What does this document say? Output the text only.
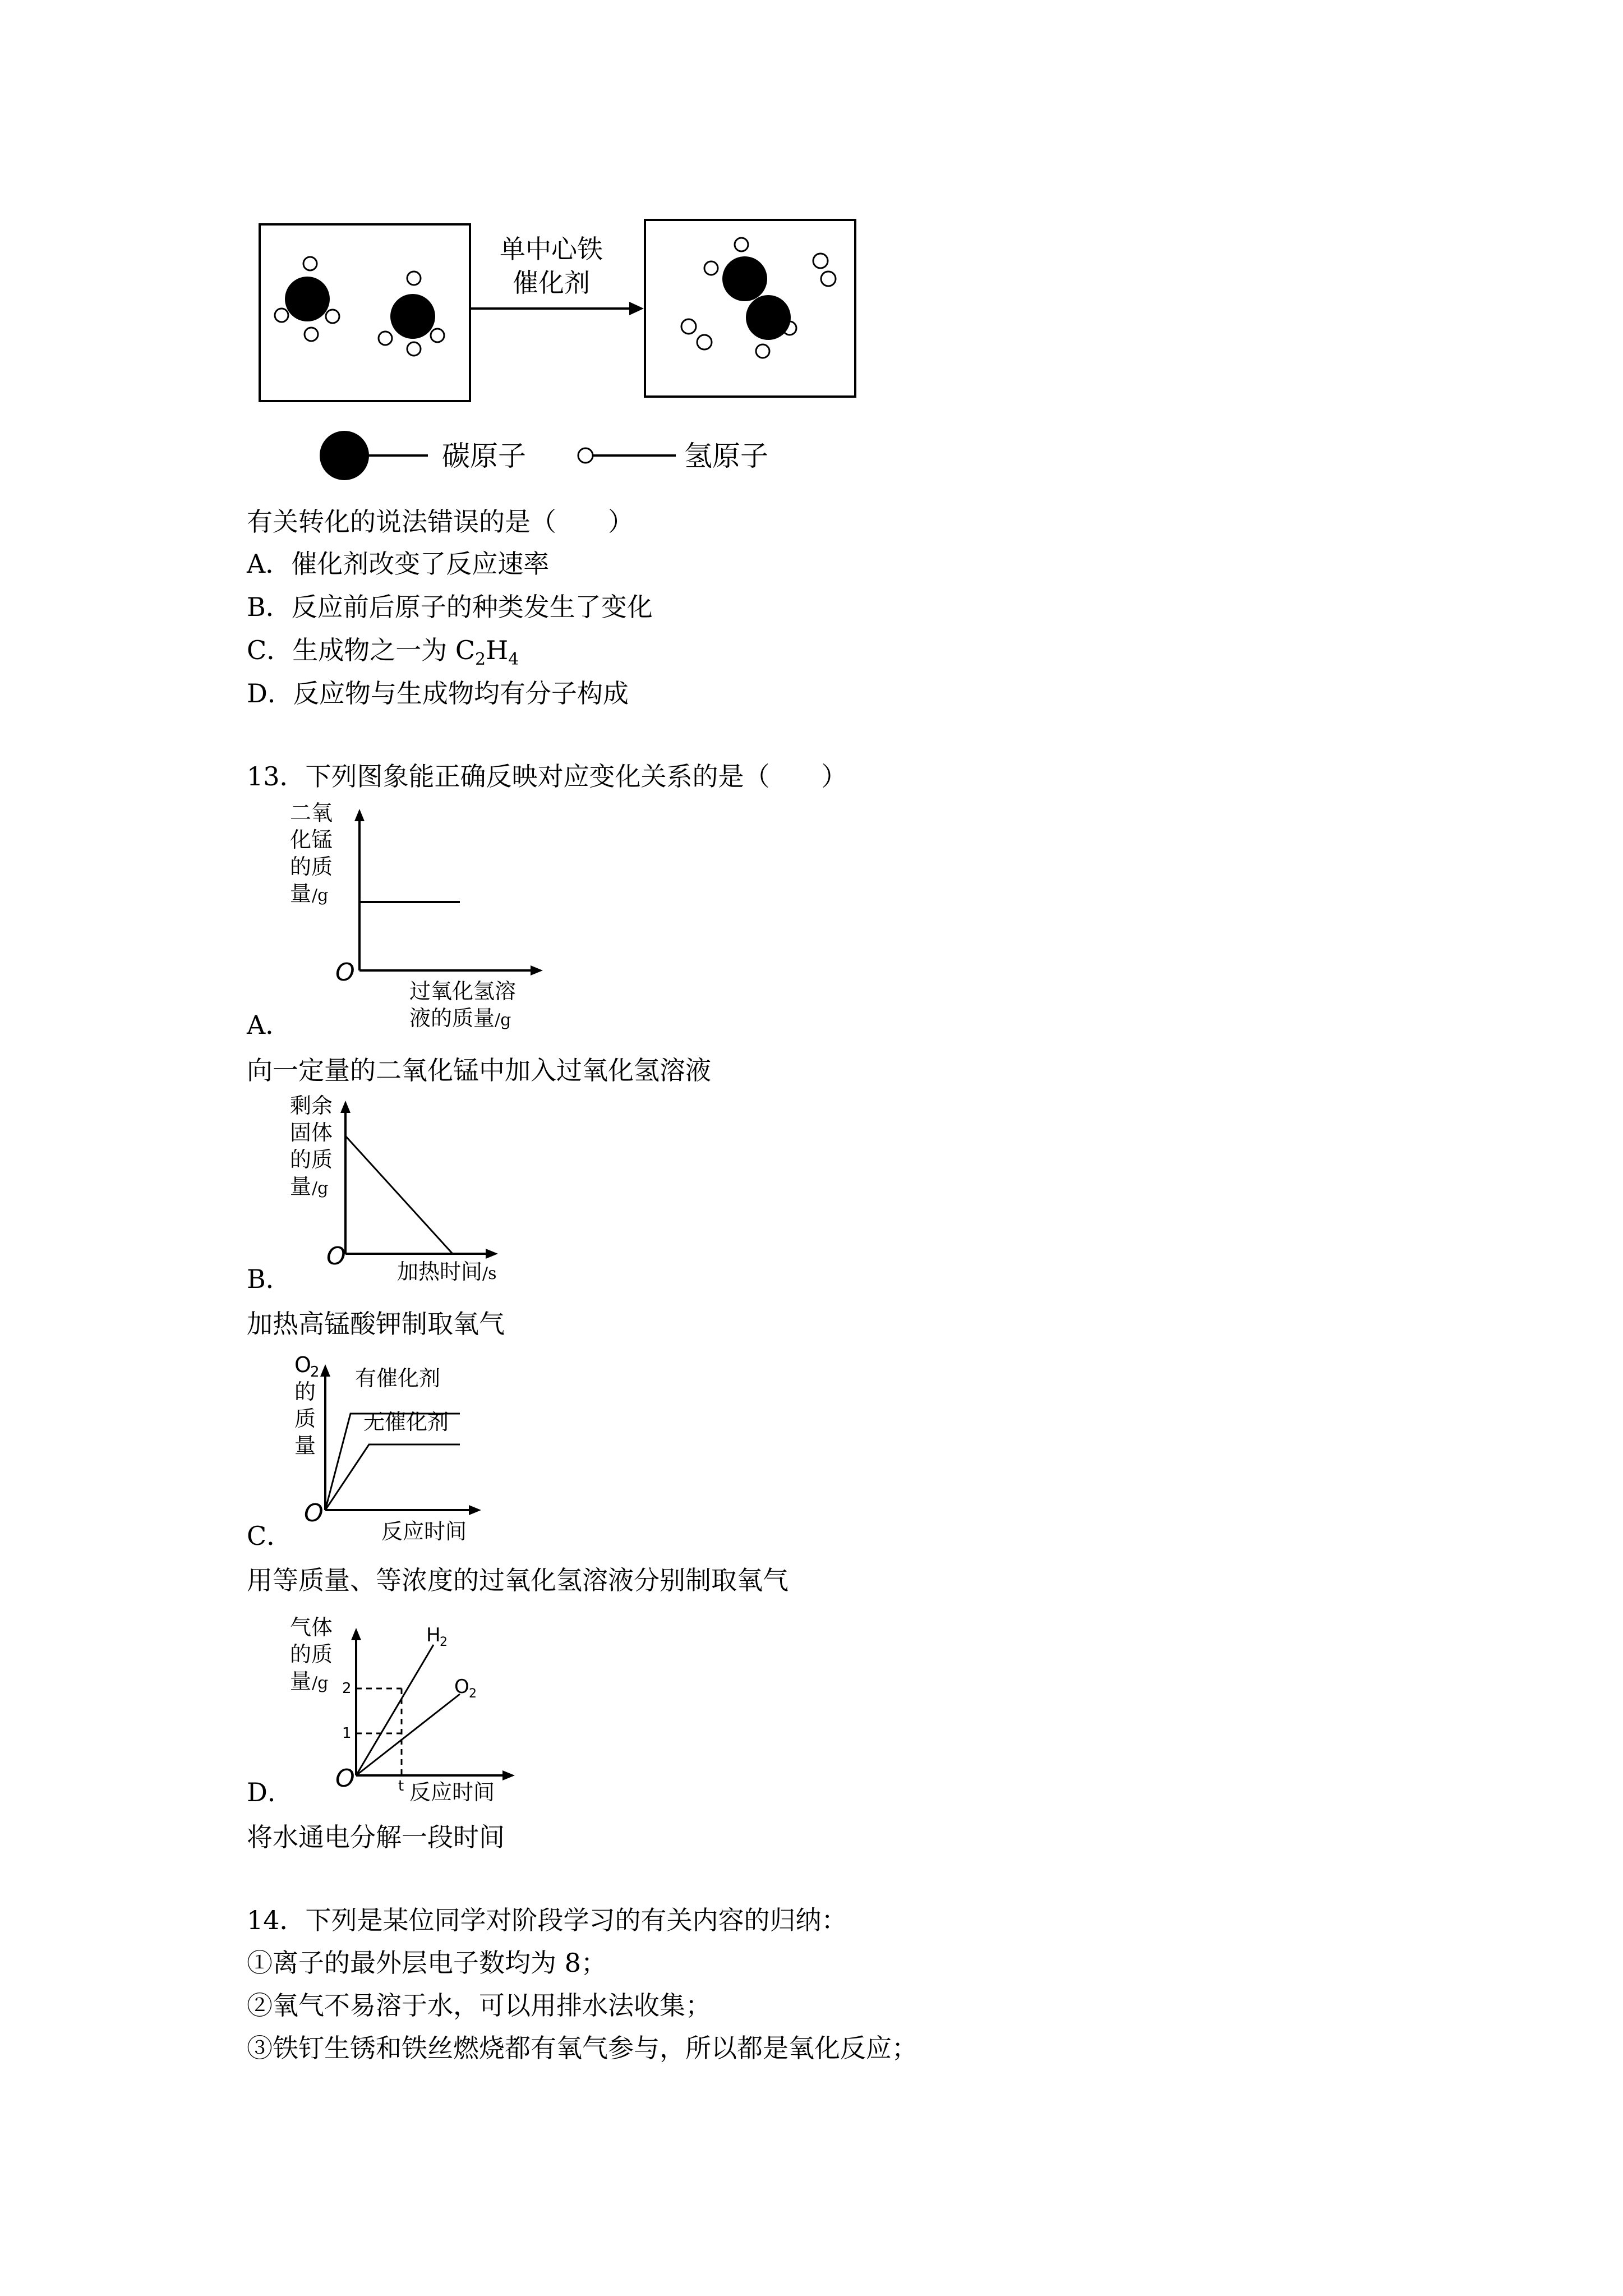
单中心铁
催化剂
碳原子	氢原子
有关转化的说法错误的是（　　）
A．催化剂改变了反应速率
B．反应前后原子的种类发生了变化
C．生成物之一为 $C_2H_4$
D．反应物与生成物均有分子构成
13．下列图象能正确反映对应变化关系的是（　　）
二氧
化锰
的质
量 /g
O
过氧化氢溶
液的质量 /g
A．
向一定量的二氧化锰中加入过氧化氢溶液
剩余
固体
的质
量 /g
O
加热时间 /s
B．
加热高锰酸钾制取氧气
O
2
的
质
量
有催化剂
无催化剂
O
反应时间
C．
用等质量、等浓度的过氧化氢溶液分别制取氧气
气体
的质
量 /g 2
1
t
H
2
O 2
O	反应时间
D．
将水通电分解一段时间
14．下列是某位同学对阶段学习的有关内容的归纳：
①离子的最外层电子数均为 8；
②氧气不易溶于水，可以用排水法收集；
③铁钉生锈和铁丝燃烧都有氧气参与，所以都是氧化反应；
